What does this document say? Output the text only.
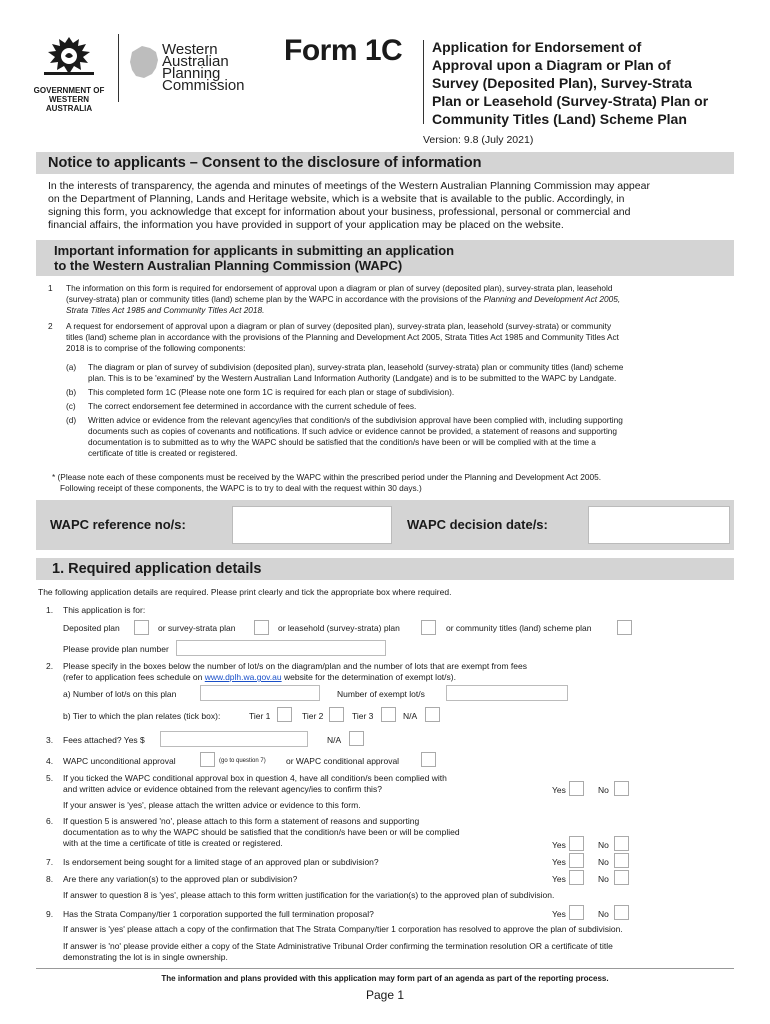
GOVERNMENT OF
WESTERN AUSTRALIA
Western
Australian
Planning
Commission
Form 1C Application for Endorsement of
Approval upon a Diagram or Plan of
Survey (Deposited Plan), Survey-Strata
Plan or Leasehold (Survey-Strata) Plan or
Community Titles (Land) Scheme Plan
Version: 9.8 (July 2021)
Notice to applicants – Consent to the disclosure of information
In the interests of transparency, the agenda and minutes of meetings of the Western Australian Planning Commission may appear
on the Department of Planning, Lands and Heritage website, which is a website that is available to the public. Accordingly, in
signing this form, you acknowledge that except for information about your business, professional, personal or commercial and
financial affairs, the information you have provided in support of your application may be placed on the website.
Important information for applicants in submitting an application
to the Western Australian Planning Commission (WAPC)
1 The information on this form is required for endorsement of approval upon a diagram or plan of survey (deposited plan), survey-strata plan, leasehold
(survey-strata) plan or community titles (land) scheme plan by the WAPC in accordance with the provisions of the Planning and Development Act 2005,
Strata Titles Act 1985 and Community Titles Act 2018.
2 A request for endorsement of approval upon a diagram or plan of survey (deposited plan), survey-strata plan, leasehold (survey-strata) or community
titles (land) scheme plan in accordance with the provisions of the Planning and Development Act 2005, Strata Titles Act 1985 and Community Titles Act
2018 is to comprise of the following components:
(a) The diagram or plan of survey of subdivision (deposited plan), survey-strata plan, leasehold (survey-strata) plan or community titles (land) scheme
plan. This is to be 'examined' by the Western Australian Land Information Authority (Landgate) and is to be submitted to the WAPC by Landgate.
(b) This completed form 1C (Please note one form 1C is required for each plan or stage of subdivision).
(c) The correct endorsement fee determined in accordance with the current schedule of fees.
(d) Written advice or evidence from the relevant agency/ies that condition/s of the subdivision approval have been complied with, including supporting
documents such as copies of covenants and notifications. If such advice or evidence cannot be provided, a statement of reasons and supporting
documentation is to submitted as to why the WAPC should be satisfied that the condition/s have been or will be complied with at the time a
certificate of title is created or registered.
* (Please note each of these components must be received by the WAPC within the prescribed period under the Planning and Development Act 2005.
Following receipt of these components, the WAPC is to try to deal with the request within 30 days.)
WAPC reference no/s:	WAPC decision date/s:
1. Required application details
The following application details are required. Please print clearly and tick the appropriate box where required.
1. This application is for:
Deposited plan	or survey-strata plan	or leasehold (survey-strata) plan	or community titles (land) scheme plan
Please provide plan number
2. Please specify in the boxes below the number of lot/s on the diagram/plan and the number of lots that are exempt from fees
(refer to application fees schedule on www.dplh.wa.gov.au website for the determination of exempt lot/s).
a) Number of lot/s on this plan	Number of exempt lot/s
b) Tier to which the plan relates (tick box):	Tier 1	Tier 2	Tier 3	N/A
3. Fees attached? Yes $	N/A
4. WAPC unconditional approval	(go to question 7) or WAPC conditional approval
5. If you ticked the WAPC conditional approval box in question 4, have all condition/s been complied with
and written advice or evidence obtained from the relevant agency/ies to confirm this?	Yes	No
If your answer is 'yes', please attach the written advice or evidence to this form.
6. If question 5 is answered 'no', please attach to this form a statement of reasons and supporting
documentation as to why the WAPC should be satisfied that the condition/s have been or will be complied
with at the time a certificate of title is created or registered.	Yes	No
7. Is endorsement being sought for a limited stage of an approved plan or subdivision?	Yes	No
8. Are there any variation(s) to the approved plan or subdivision?	Yes	No
If answer to question 8 is 'yes', please attach to this form written justification for the variation(s) to the approved plan of subdivision.
9. Has the Strata Company/tier 1 corporation supported the full termination proposal?	Yes	No
If answer is 'yes' please attach a copy of the confirmation that The Strata Company/tier 1 corporation has resolved to approve the plan of subdivision.
If answer is 'no' please provide either a copy of the State Administrative Tribunal Order confirming the termination resolution OR a certificate of title
demonstrating the lot is in single ownership.
The information and plans provided with this application may form part of an agenda as part of the reporting process.
Page 1
